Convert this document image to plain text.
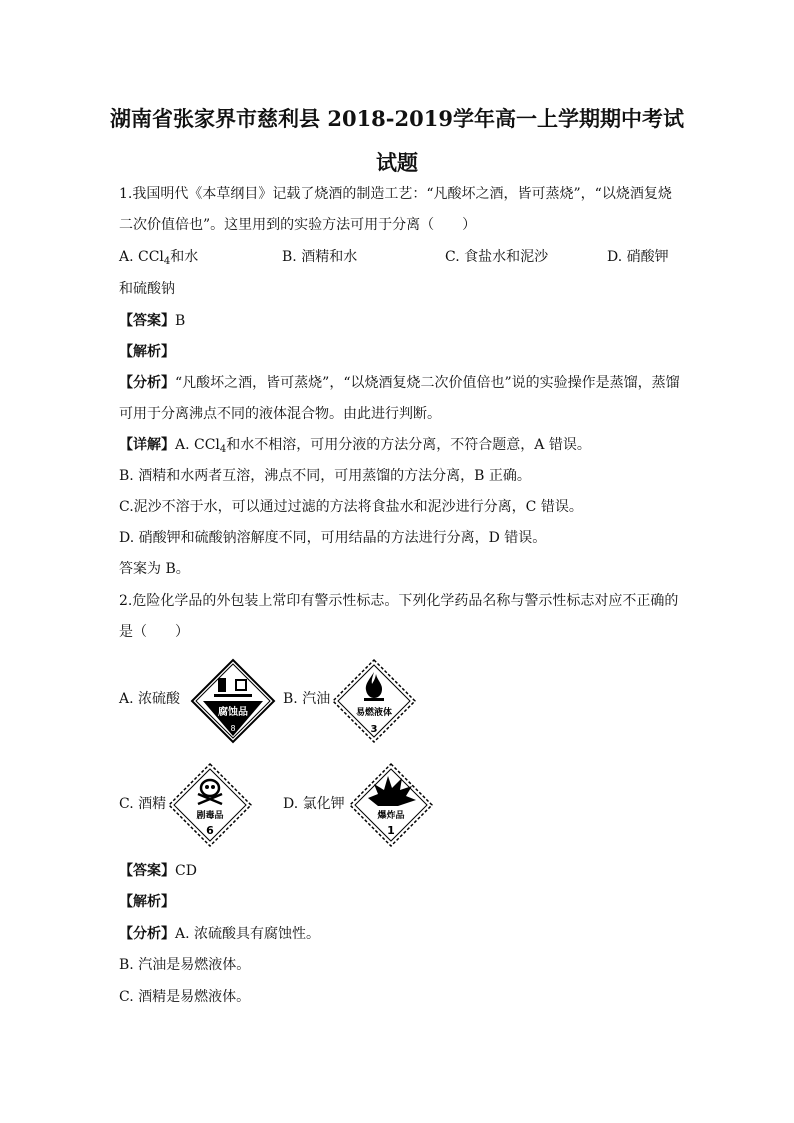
湖南省张家界市慈利县 2018-2019学年高一上学期期中考试
试题
1.我国明代《本草纲目》记载了烧酒的制造工艺：“凡酸坏之酒，皆可蒸烧”，“以烧酒复烧
二次价值倍也”。这里用到的实验方法可用于分离（　　）
A. CCl$_4$和水	B. 酒精和水	C. 食盐水和泥沙	D. 硝酸钾
和硫酸钠
【答案】B
【解析】
【分析】“凡酸坏之酒，皆可蒸烧”，“以烧酒复烧二次价值倍也”说的实验操作是蒸馏，蒸馏
可用于分离沸点不同的液体混合物。由此进行判断。
【详解】A. CCl$_4$和水不相溶，可用分液的方法分离，不符合题意，A 错误。
B. 酒精和水两者互溶，沸点不同，可用蒸馏的方法分离，B 正确。
C.泥沙不溶于水，可以通过过滤的方法将食盐水和泥沙进行分离，C 错误。
D. 硝酸钾和硫酸钠溶解度不同，可用结晶的方法进行分离，D 错误。
答案为 B。
2.危险化学品的外包装上常印有警示性标志。下列化学药品名称与警示性标志对应不正确的
是（　　）
A. 浓硫酸
腐蚀品
8
B. 汽油
易燃液体
3
C. 酒精
剧毒品
6
D. 氯化钾
爆炸品
1
【答案】CD
【解析】
【分析】A. 浓硫酸具有腐蚀性。
B. 汽油是易燃液体。
C. 酒精是易燃液体。
